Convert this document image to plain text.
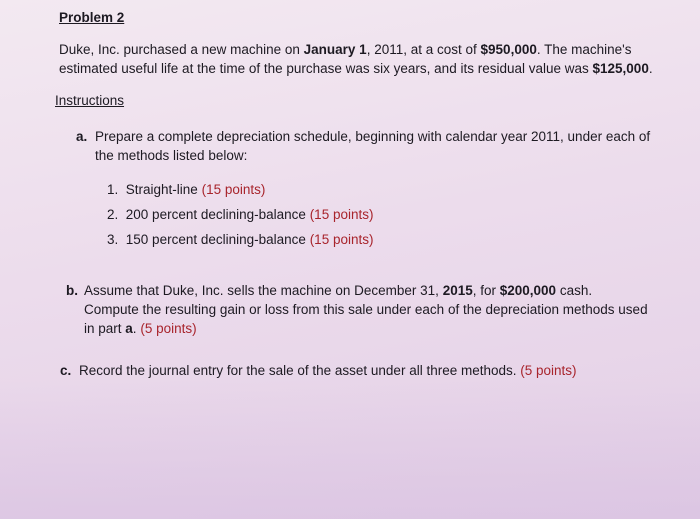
Problem 2
Duke, Inc. purchased a new machine on January 1, 2011, at a cost of $950,000. The machine's
estimated useful life at the time of the purchase was six years, and its residual value was $125,000.
Instructions
a. Prepare a complete depreciation schedule, beginning with calendar year 2011, under each of
the methods listed below:
1. Straight-line (15 points)
2. 200 percent declining-balance (15 points)
3. 150 percent declining-balance (15 points)
b. Assume that Duke, Inc. sells the machine on December 31, 2015, for $200,000 cash.
Compute the resulting gain or loss from this sale under each of the depreciation methods used
in part a. (5 points)
c. Record the journal entry for the sale of the asset under all three methods. (5 points)
